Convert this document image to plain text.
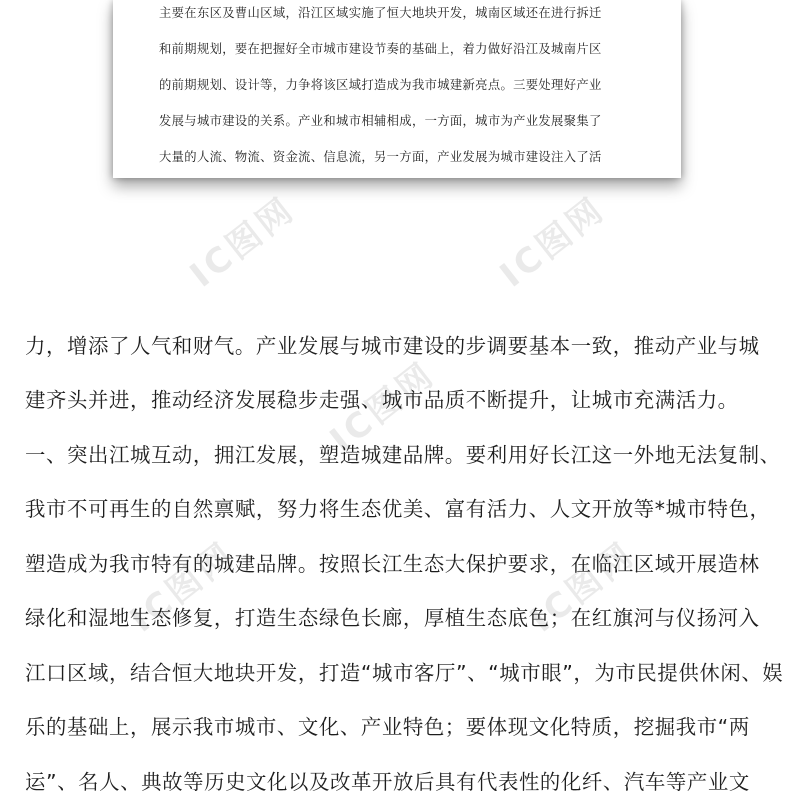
主要在东区及曹山区域，沿江区域实施了恒大地块开发，城南区域还在进行拆迁
和前期规划，要在把握好全市城市建设节奏的基础上，着力做好沿江及城南片区
的前期规划、设计等，力争将该区域打造成为我市城建新亮点。三要处理好产业
发展与城市建设的关系。产业和城市相辅相成，一方面，城市为产业发展聚集了
大量的人流、物流、资金流、信息流，另一方面，产业发展为城市建设注入了活
IC图网	IC图网
IC图网
IC图网	IC图网
力，增添了人气和财气。产业发展与城市建设的步调要基本一致，推动产业与城
建齐头并进，推动经济发展稳步走强、城市品质不断提升，让城市充满活力。
一、突出江城互动，拥江发展，塑造城建品牌。要利用好长江这一外地无法复制、
我市不可再生的自然禀赋，努力将生态优美、富有活力、人文开放等*城市特色，
塑造成为我市特有的城建品牌。按照长江生态大保护要求，在临江区域开展造林
绿化和湿地生态修复，打造生态绿色长廊，厚植生态底色；在红旗河与仪扬河入
江口区域，结合恒大地块开发，打造“城市客厅”、“城市眼”，为市民提供休闲、娱
乐的基础上，展示我市城市、文化、产业特色；要体现文化特质，挖掘我市“两
运”、名人、典故等历史文化以及改革开放后具有代表性的化纤、汽车等产业文
